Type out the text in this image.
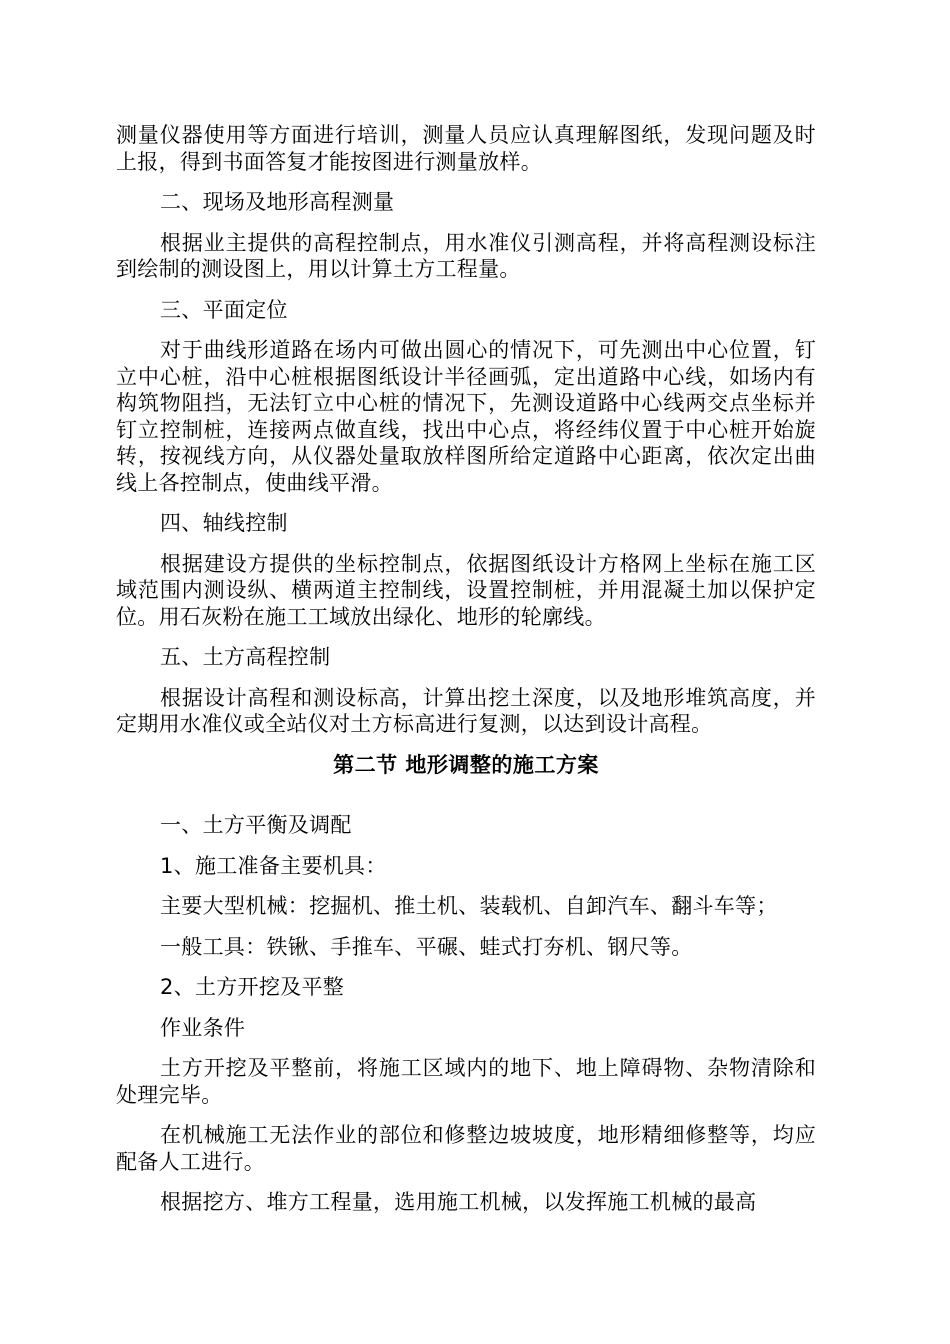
测量仪器使用等方面进行培训，测量人员应认真理解图纸，发现问题及时上报，得到书面答复才能按图进行测量放样。

二、现场及地形高程测量

根据业主提供的高程控制点，用水准仪引测高程，并将高程测设标注到绘制的测设图上，用以计算土方工程量。

三、平面定位

对于曲线形道路在场内可做出圆心的情况下，可先测出中心位置，钉立中心桩，沿中心桩根据图纸设计半径画弧，定出道路中心线，如场内有构筑物阻挡，无法钉立中心桩的情况下，先测设道路中心线两交点坐标并钉立控制桩，连接两点做直线，找出中心点，将经纬仪置于中心桩开始旋转，按视线方向，从仪器处量取放样图所给定道路中心距离，依次定出曲线上各控制点，使曲线平滑。

四、轴线控制

根据建设方提供的坐标控制点，依据图纸设计方格网上坐标在施工区域范围内测设纵、横两道主控制线，设置控制桩，并用混凝土加以保护定位。用石灰粉在施工工域放出绿化、地形的轮廓线。

五、土方高程控制

根据设计高程和测设标高，计算出挖土深度，以及地形堆筑高度，并定期用水准仪或全站仪对土方标高进行复测，以达到设计高程。

第二节 地形调整的施工方案

一、土方平衡及调配

1、施工准备主要机具：

主要大型机械：挖掘机、推土机、装载机、自卸汽车、翻斗车等；

一般工具：铁锹、手推车、平碾、蛙式打夯机、钢尺等。

2、土方开挖及平整

作业条件

土方开挖及平整前，将施工区域内的地下、地上障碍物、杂物清除和处理完毕。

在机械施工无法作业的部位和修整边坡坡度，地形精细修整等，均应配备人工进行。

根据挖方、堆方工程量，选用施工机械，以发挥施工机械的最高
